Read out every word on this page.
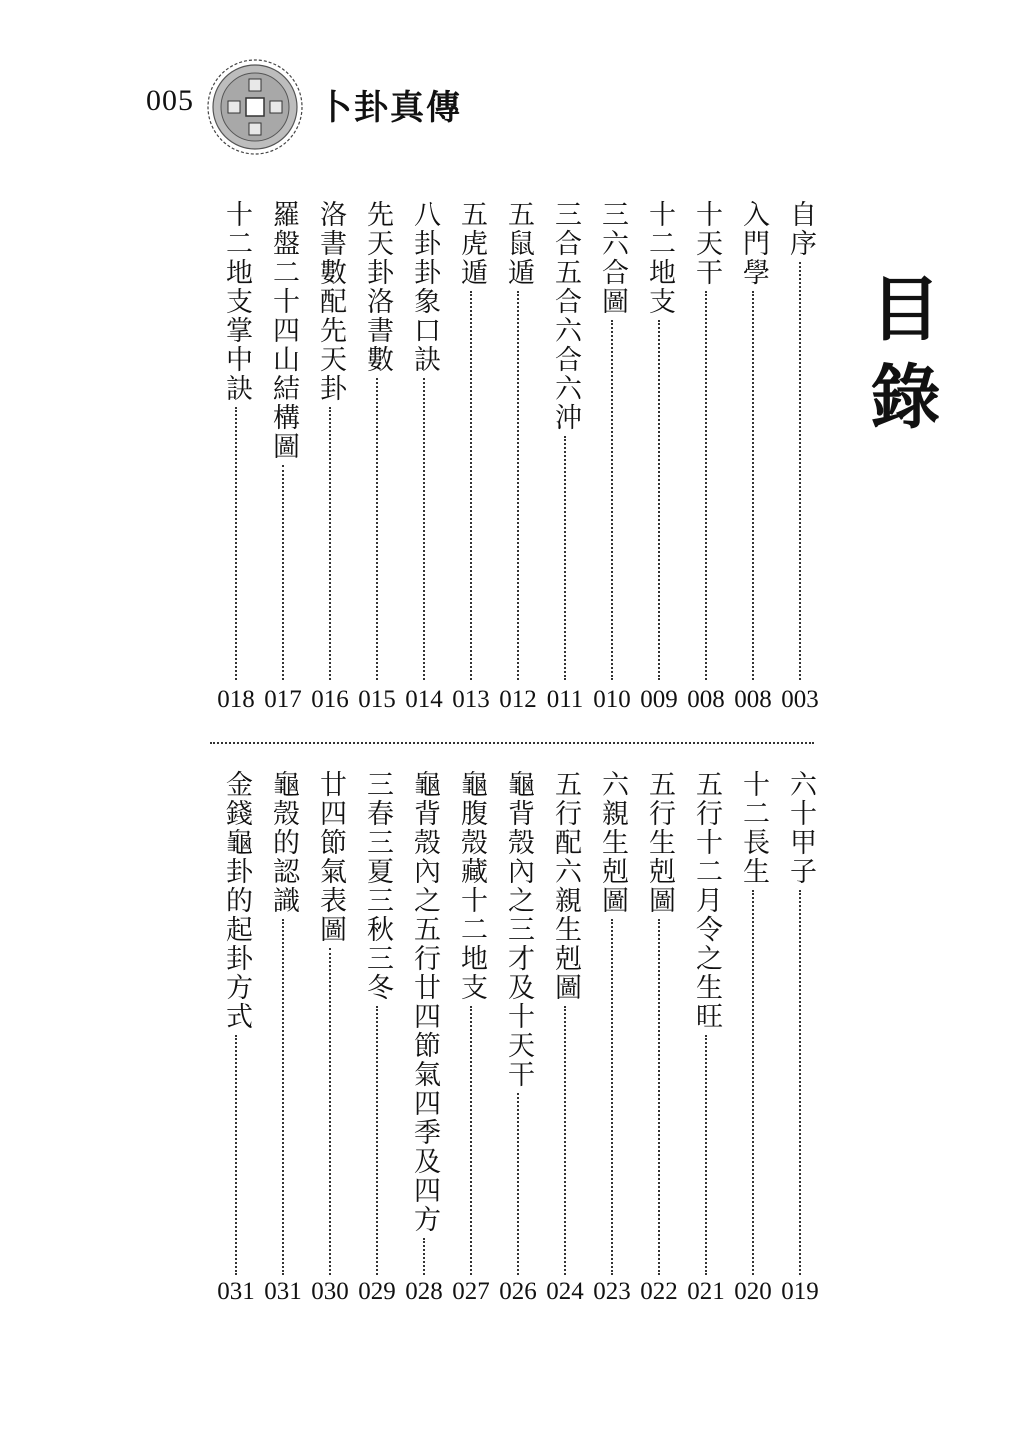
005	卜卦真傳
目錄
自序
003
入門學
008
十天干
008
十二地支
009
三六合圖
010
三合五合六合六沖
011
五鼠遁
012
五虎遁
013
八卦卦象口訣
014
先天卦洛書數
015
洛書數配先天卦
016
羅盤二十四山結構圖
017
十二地支掌中訣
018
六十甲子
019
十二長生
020
五行十二月令之生旺
021
五行生剋圖
022
六親生剋圖
023
五行配六親生剋圖
024
龜背殼內之三才及十天干
026
龜腹殼藏十二地支
027
龜背殼內之五行廿四節氣四季及四方
028
三春三夏三秋三冬
029
廿四節氣表圖
030
龜殼的認識
031
金錢龜卦的起卦方式
031
